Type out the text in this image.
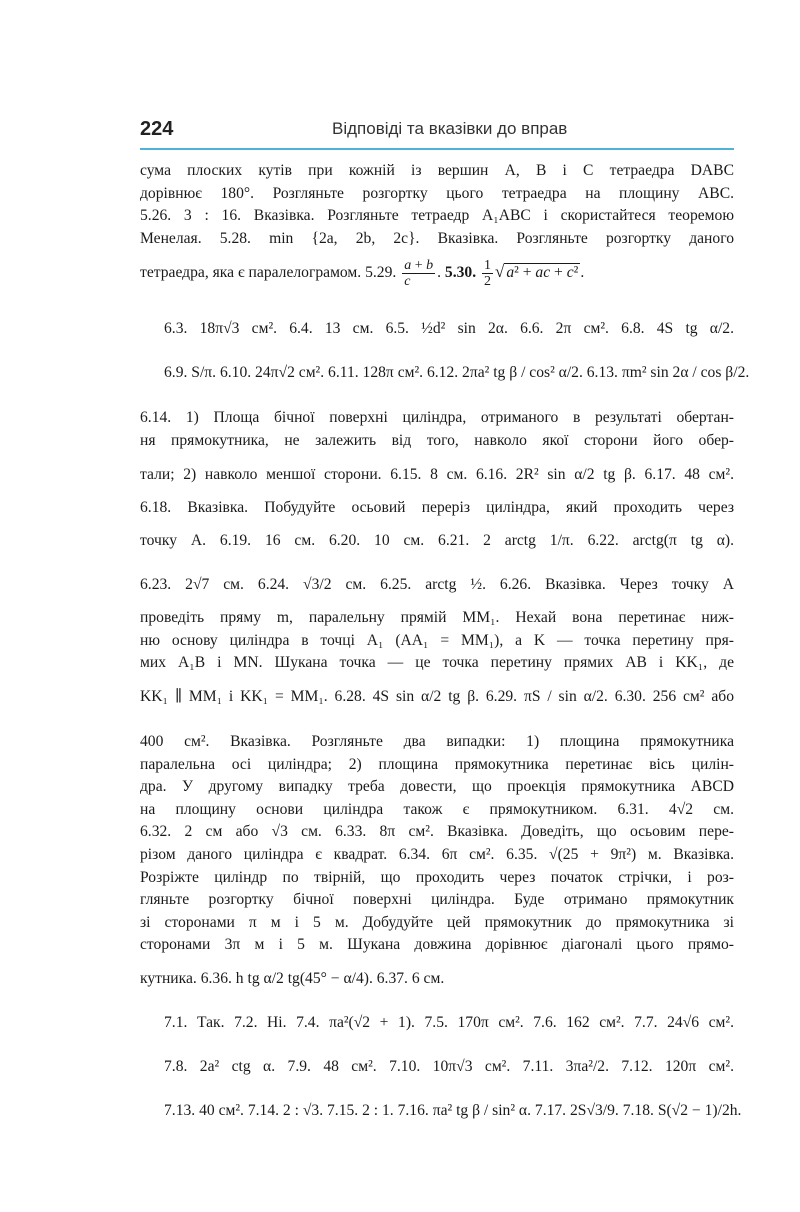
224	Відповіді та вказівки до вправ

сума плоских кутів при кожній із вершин A, B і C тетраедра DABC
дорівнює 180°. Розгляньте розгортку цього тетраедра на площину ABC.
5.26. 3 : 16. Вказівка. Розгляньте тетраедр A₁ABC і скористайтеся теоремою
Менелая. 5.28. min {2a, 2b, 2c}. Вказівка. Розгляньте розгортку даного
тетраедра, яка є паралелограмом. 5.29. $\frac{a + b}{c}$ . 5.30. $\frac{1}{2}$ √ a² + ac + c² .

6.3. 18π√3 см². 6.4. 13 см. 6.5. ½d² sin 2α. 6.6. 2π см². 6.8. 4S tg α/2.
6.9. S/π. 6.10. 24π√2 см². 6.11. 128π см². 6.12. 2πa² tg β / cos² α/2. 6.13. πm² sin 2α / cos β/2.

6.14. 1) Площа бічної поверхні циліндра, отриманого в результаті обертан-
ня прямокутника, не залежить від того, навколо якої сторони його обер-
тали; 2) навколо меншої сторони. 6.15. 8 см. 6.16. 2R² sin α/2 tg β. 6.17. 48 см².
6.18. Вказівка. Побудуйте осьовий переріз циліндра, який проходить через
точку A. 6.19. 16 см. 6.20. 10 см. 6.21. 2 arctg 1/π. 6.22. arctg(π tg α).
6.23. 2√7 см. 6.24. √3/2 см. 6.25. arctg ½. 6.26. Вказівка. Через точку A
проведіть пряму m, паралельну прямій MM₁. Нехай вона перетинає ниж-
ню основу циліндра в точці A₁ (AA₁ = MM₁), а K — точка перетину пря-
мих A₁B і MN. Шукана точка — це точка перетину прямих AB і KK₁, де
KK₁ ∥ MM₁ і KK₁ = MM₁. 6.28. 4S sin α/2 tg β. 6.29. πS / sin α/2. 6.30. 256 см² або

400 см². Вказівка. Розгляньте два випадки: 1) площина прямокутника
паралельна осі циліндра; 2) площина прямокутника перетинає вісь цилін-
дра. У другому випадку треба довести, що проекція прямокутника ABCD
на площину основи циліндра також є прямокутником. 6.31. 4√2 см.
6.32. 2 см або √3 см. 6.33. 8π см². Вказівка. Доведіть, що осьовим пере-
різом даного циліндра є квадрат. 6.34. 6π см². 6.35. √(25 + 9π²) м. Вказівка.
Розріжте циліндр по твірній, що проходить через початок стрічки, і роз-
гляньте розгортку бічної поверхні циліндра. Буде отримано прямокутник
зі сторонами π м і 5 м. Добудуйте цей прямокутник до прямокутника зі
сторонами 3π м і 5 м. Шукана довжина дорівнює діагоналі цього прямо-
кутника. 6.36. h tg α/2 tg(45° − α/4). 6.37. 6 см.

7.1. Так. 7.2. Ні. 7.4. πa²(√2 + 1). 7.5. 170π см². 7.6. 162 см². 7.7. 24√6 см².
7.8. 2a² ctg α. 7.9. 48 см². 7.10. 10π√3 см². 7.11. 3πa²/2. 7.12. 120π см².
7.13. 40 см². 7.14. 2 : √3. 7.15. 2 : 1. 7.16. πa² tg β / sin² α. 7.17. 2S√3/9. 7.18. S(√2 − 1)/2h.
